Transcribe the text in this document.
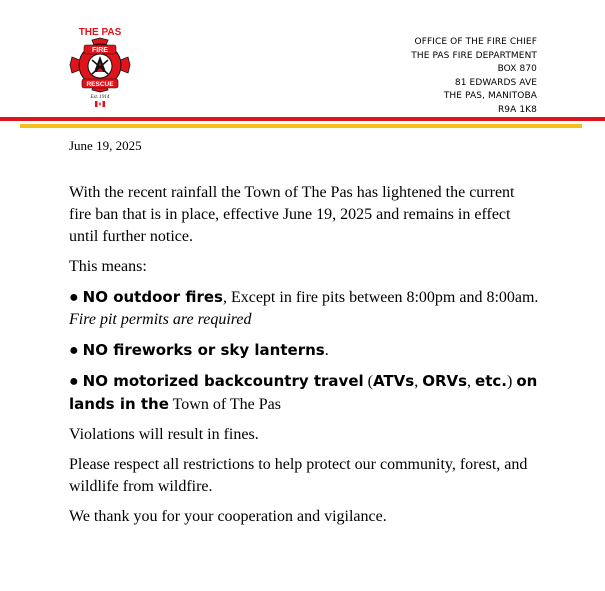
THE PAS
FIRE
RESCUE
Est. 1914
OFFICE OF THE FIRE CHIEF
THE PAS FIRE DEPARTMENT
BOX 870
81 EDWARDS AVE
THE PAS, MANITOBA
R9A 1K8
June 19, 2025

With the recent rainfall the Town of The Pas has lightened the current fire ban that is in place, effective June 19, 2025 and remains in effect until further notice.

This means:

● NO outdoor fires, Except in fire pits between 8:00pm and 8:00am. Fire pit permits are required

● NO fireworks or sky lanterns.

● NO motorized backcountry travel (ATVs, ORVs, etc.) on lands in the Town of The Pas

Violations will result in fines.

Please respect all restrictions to help protect our community, forest, and wildlife from wildfire.

We thank you for your cooperation and vigilance.
